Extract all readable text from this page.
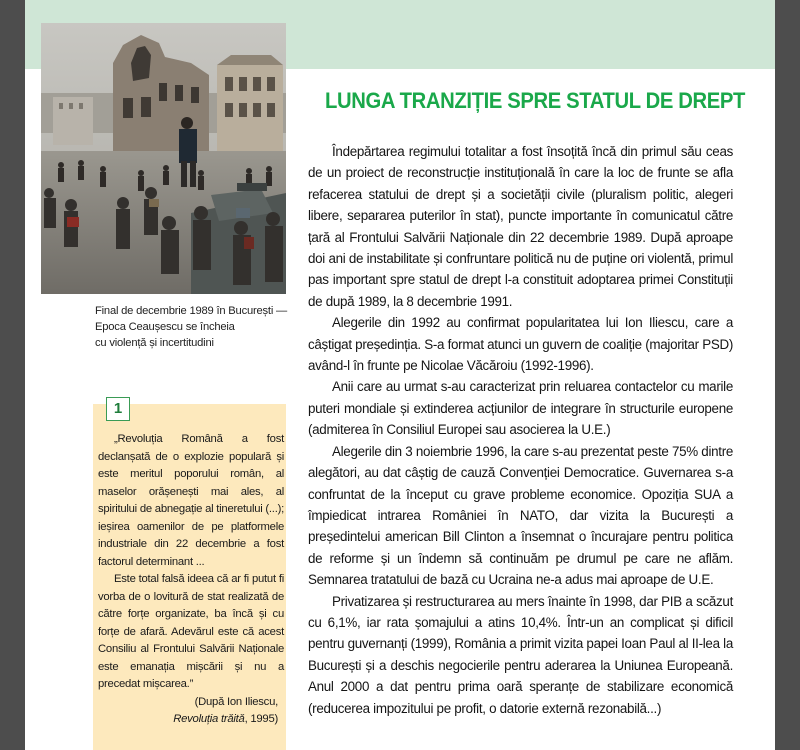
Final de decembrie 1989 în București —
Epoca Ceaușescu se încheia
cu violență și incertitudini
1

„Revoluția Română a fost declanșată de o explozie populară și este meritul poporului român, al maselor orășenești mai ales, al spiritului de abnegație al tineretului (...); ieșirea oamenilor de pe platformele industriale din 22 decembrie a fost factorul determinant ...

Este total falsă ideea că ar fi putut fi vorba de o lovitură de stat realizată de către forțe organizate, ba încă și cu forțe de afară. Adevărul este că acest Consiliu al Frontului Salvării Naționale este emanația mișcării și nu a precedat mișcarea.”

(După Ion Iliescu,
Revoluția trăită, 1995)

LUNGA TRANZIȚIE SPRE STATUL DE DREPT

Îndepărtarea regimului totalitar a fost însoțită încă din primul său ceas de un proiect de reconstrucție instituțională în care la loc de frunte se afla refacerea statului de drept și a societății civile (pluralism politic, alegeri libere, separarea puterilor în stat), puncte importante în comunicatul către țară al Frontului Salvării Naționale din 22 decembrie 1989. După aproape doi ani de instabilitate și confruntare politică nu de puține ori violentă, primul pas important spre statul de drept l-a constituit adoptarea primei Constituții de după 1989, la 8 decembrie 1991.

Alegerile din 1992 au confirmat popularitatea lui Ion Iliescu, care a câștigat președinția. S-a format atunci un guvern de coaliție (majoritar PSD) având-l în frunte pe Nicolae Văcăroiu (1992-1996).

Anii care au urmat s-au caracterizat prin reluarea contactelor cu marile puteri mondiale și extinderea acțiunilor de integrare în structurile europene (admiterea în Consiliul Europei sau asocierea la U.E.)

Alegerile din 3 noiembrie 1996, la care s-au prezentat peste 75% dintre alegători, au dat câștig de cauză Convenției Democratice. Guvernarea s-a confruntat de la început cu grave probleme economice. Opoziția SUA a împiedicat intrarea României în NATO, dar vizita la București a președintelui american Bill Clinton a însemnat o încurajare pentru politica de reforme și un îndemn să continuăm pe drumul pe care ne aflăm. Semnarea tratatului de bază cu Ucraina ne-a adus mai aproape de U.E.

Privatizarea și restructurarea au mers înainte în 1998, dar PIB a scăzut cu 6,1%, iar rata șomajului a atins 10,4%. Într-un an complicat și dificil pentru guvernanți (1999), România a primit vizita papei Ioan Paul al II-lea la București și a deschis negocierile pentru aderarea la Uniunea Europeană. Anul 2000 a dat pentru prima oară speranțe de stabilizare economică (reducerea impozitului pe profit, o datorie externă rezonabilă...)
